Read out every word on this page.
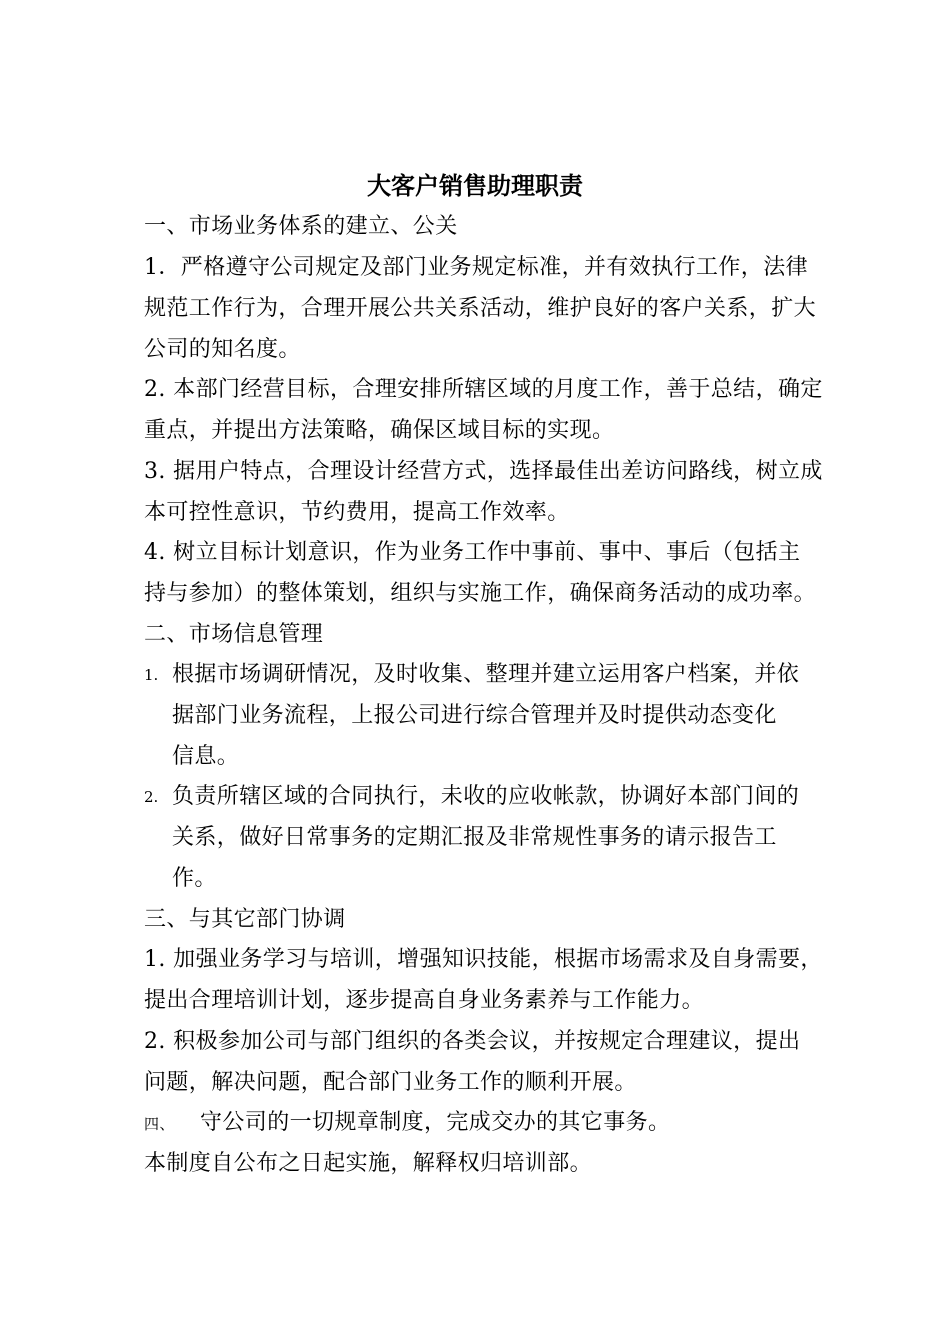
大客户销售助理职责
一、市场业务体系的建立、公关
1．严格遵守公司规定及部门业务规定标准，并有效执行工作，法律
规范工作行为，合理开展公共关系活动，维护良好的客户关系，扩大
公司的知名度。
2. 本部门经营目标，合理安排所辖区域的月度工作，善于总结，确定
重点，并提出方法策略，确保区域目标的实现。
3. 据用户特点，合理设计经营方式，选择最佳出差访问路线，树立成
本可控性意识，节约费用，提高工作效率。
4. 树立目标计划意识，作为业务工作中事前、事中、事后（包括主
持与参加）的整体策划，组织与实施工作，确保商务活动的成功率。
二、市场信息管理
1. 根据市场调研情况，及时收集、整理并建立运用客户档案，并依
据部门业务流程，上报公司进行综合管理并及时提供动态变化
信息。
2. 负责所辖区域的合同执行，未收的应收帐款，协调好本部门间的
关系，做好日常事务的定期汇报及非常规性事务的请示报告工
作。
三、与其它部门协调
1. 加强业务学习与培训，增强知识技能，根据市场需求及自身需要，
提出合理培训计划，逐步提高自身业务素养与工作能力。
2. 积极参加公司与部门组织的各类会议，并按规定合理建议，提出
问题，解决问题，配合部门业务工作的顺利开展。
四、 守公司的一切规章制度，完成交办的其它事务。
本制度自公布之日起实施，解释权归培训部。
